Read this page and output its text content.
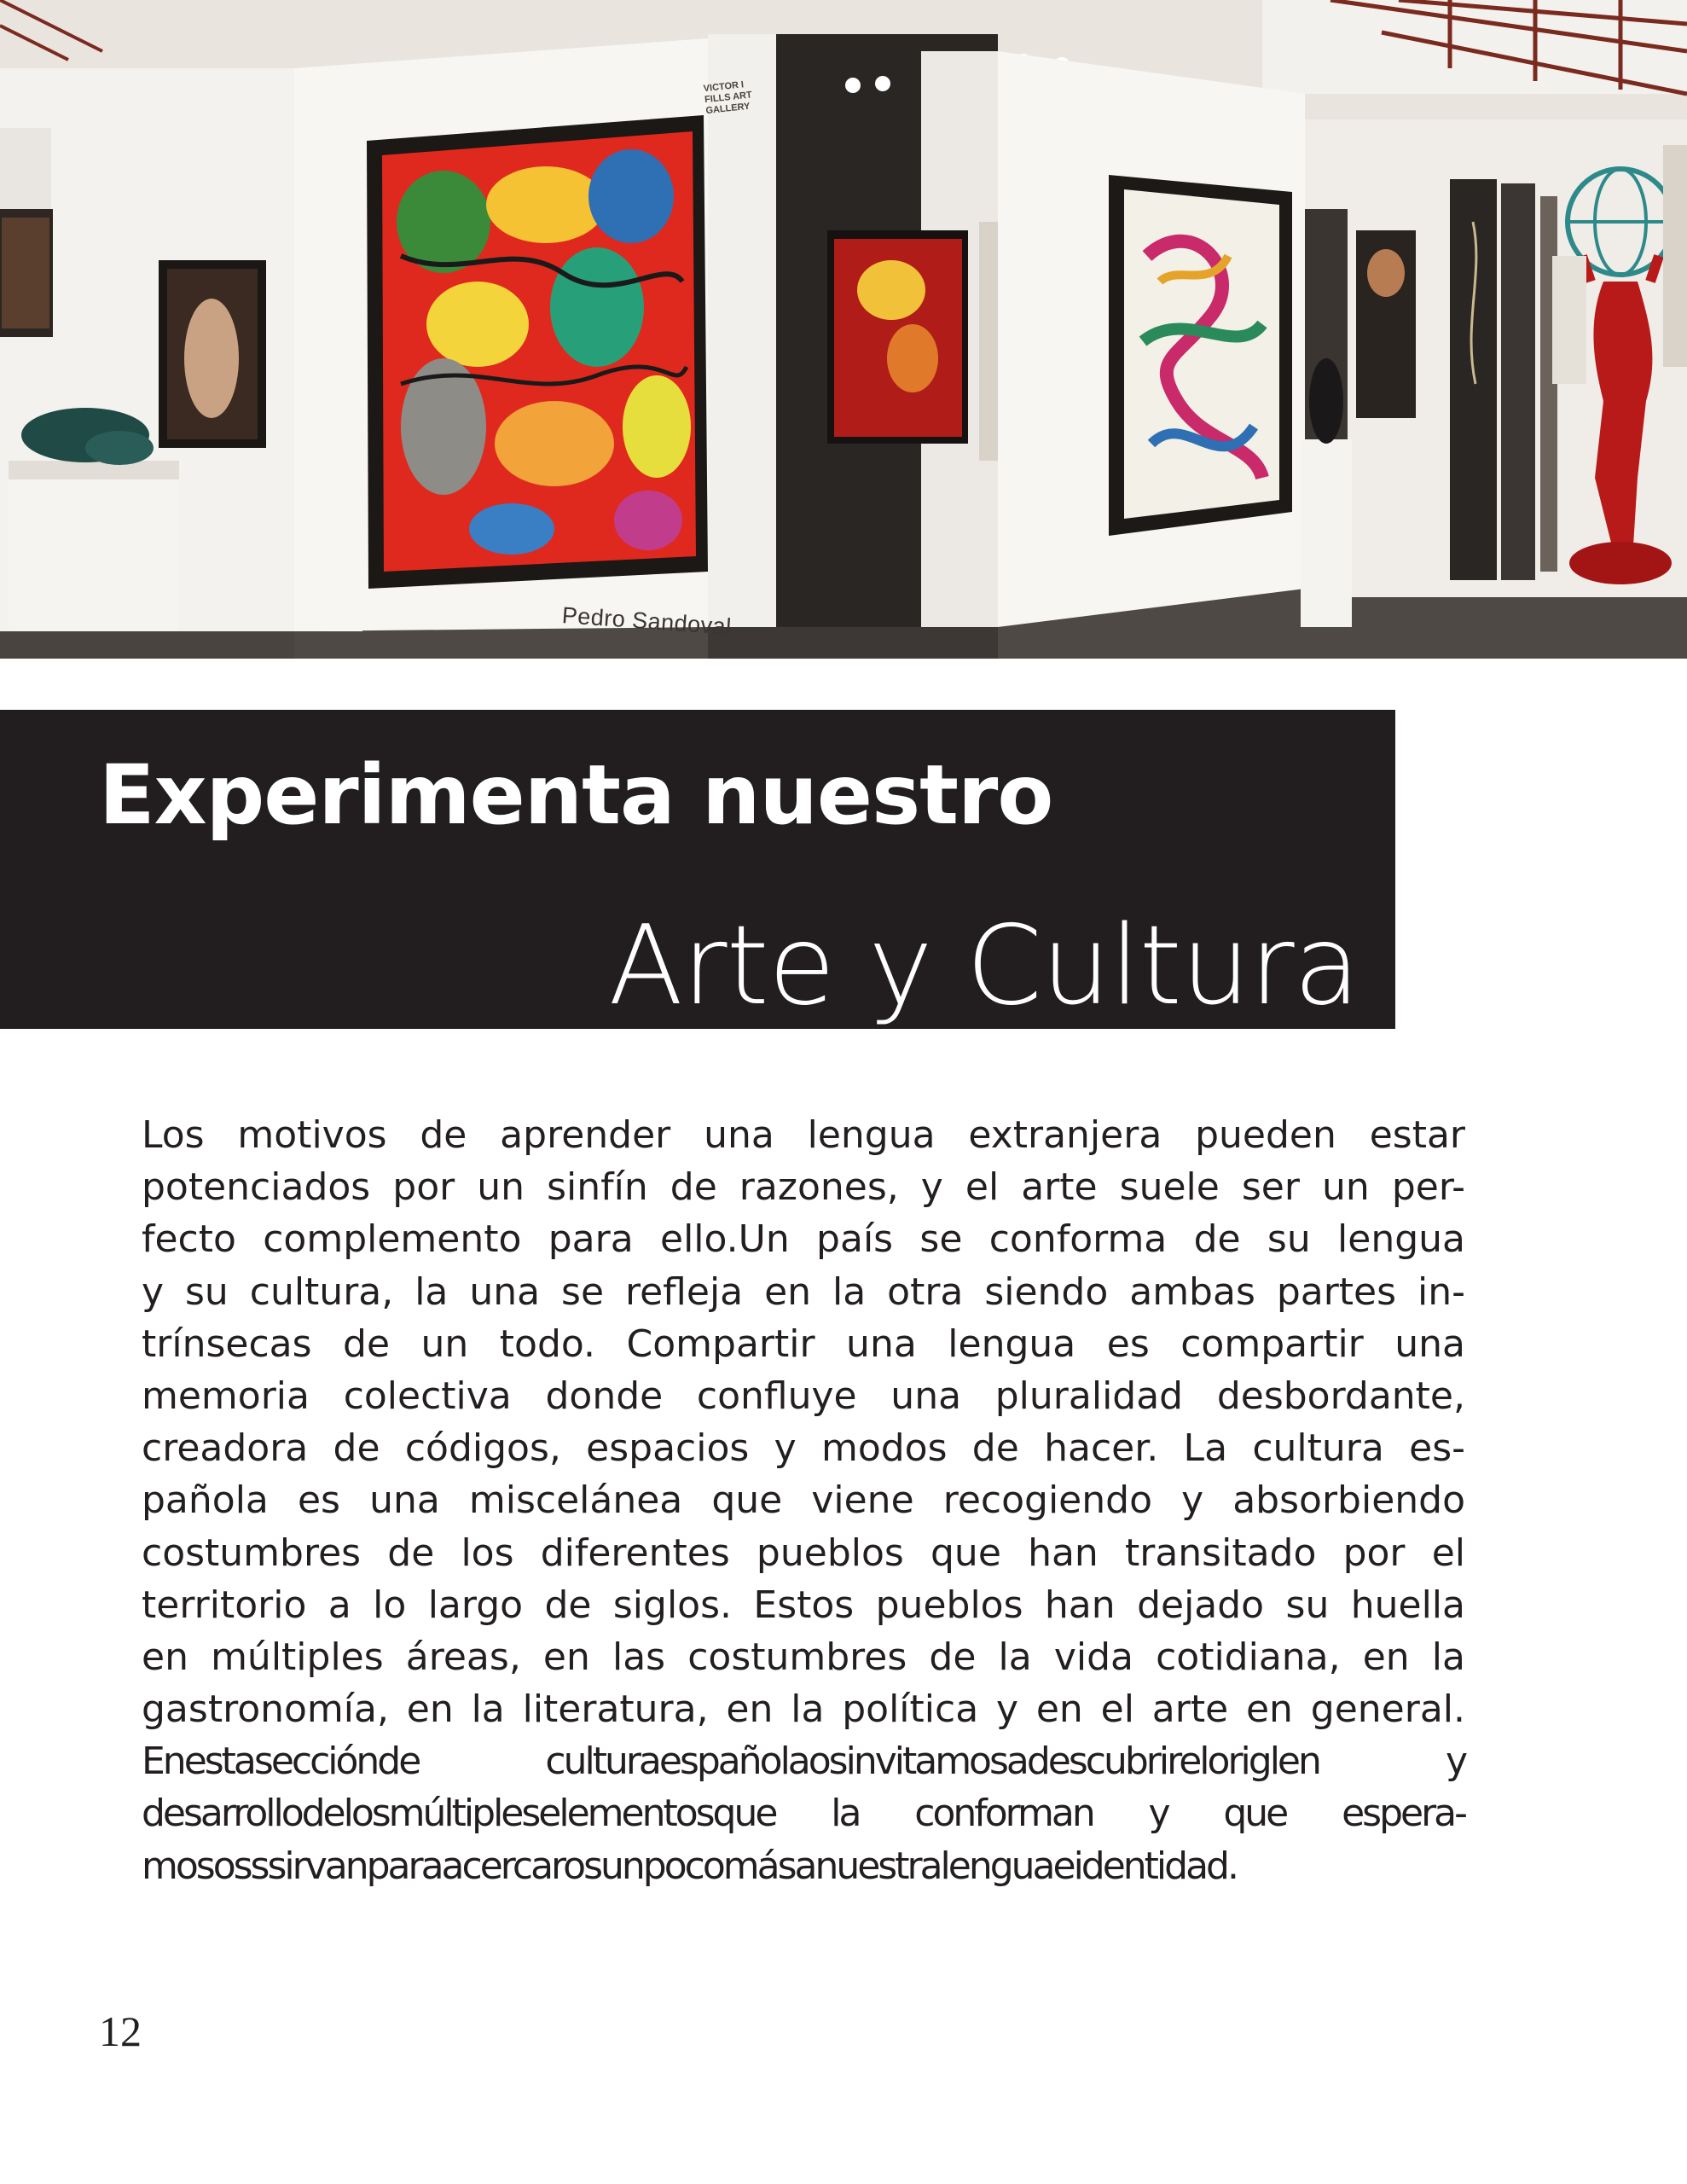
Pedro Sandoval
VICTOR I FILLS ART GALLERY
Experimenta nuestro
Arte y Cultura
Los motivos de aprender una lengua extranjera pueden estar
potenciados por un sinfín de razones, y el arte suele ser un per-
fecto complemento para ello.Un país se conforma de su lengua
y su cultura, la una se refleja en la otra siendo ambas partes in-
trínsecas de un todo. Compartir una lengua es compartir una
memoria colectiva donde confluye una pluralidad desbordante,
creadora de códigos, espacios y modos de hacer. La cultura es-
pañola es una miscelánea que viene recogiendo y absorbiendo
costumbres de los diferentes pueblos que han transitado por el
territorio a lo largo de siglos. Estos pueblos han dejado su huella
en múltiples áreas, en las costumbres de la vida cotidiana, en la
gastronomía, en la literatura, en la política y en el arte en general.
Enestasecciónde culturaespañolaosinvitamosadescubrireloriglen y
desarrollodelosmúltipleselementosque la conforman y que espera-
mososssirvanparaacercarosunpocomásanuestralenguaeidentidad.
12
